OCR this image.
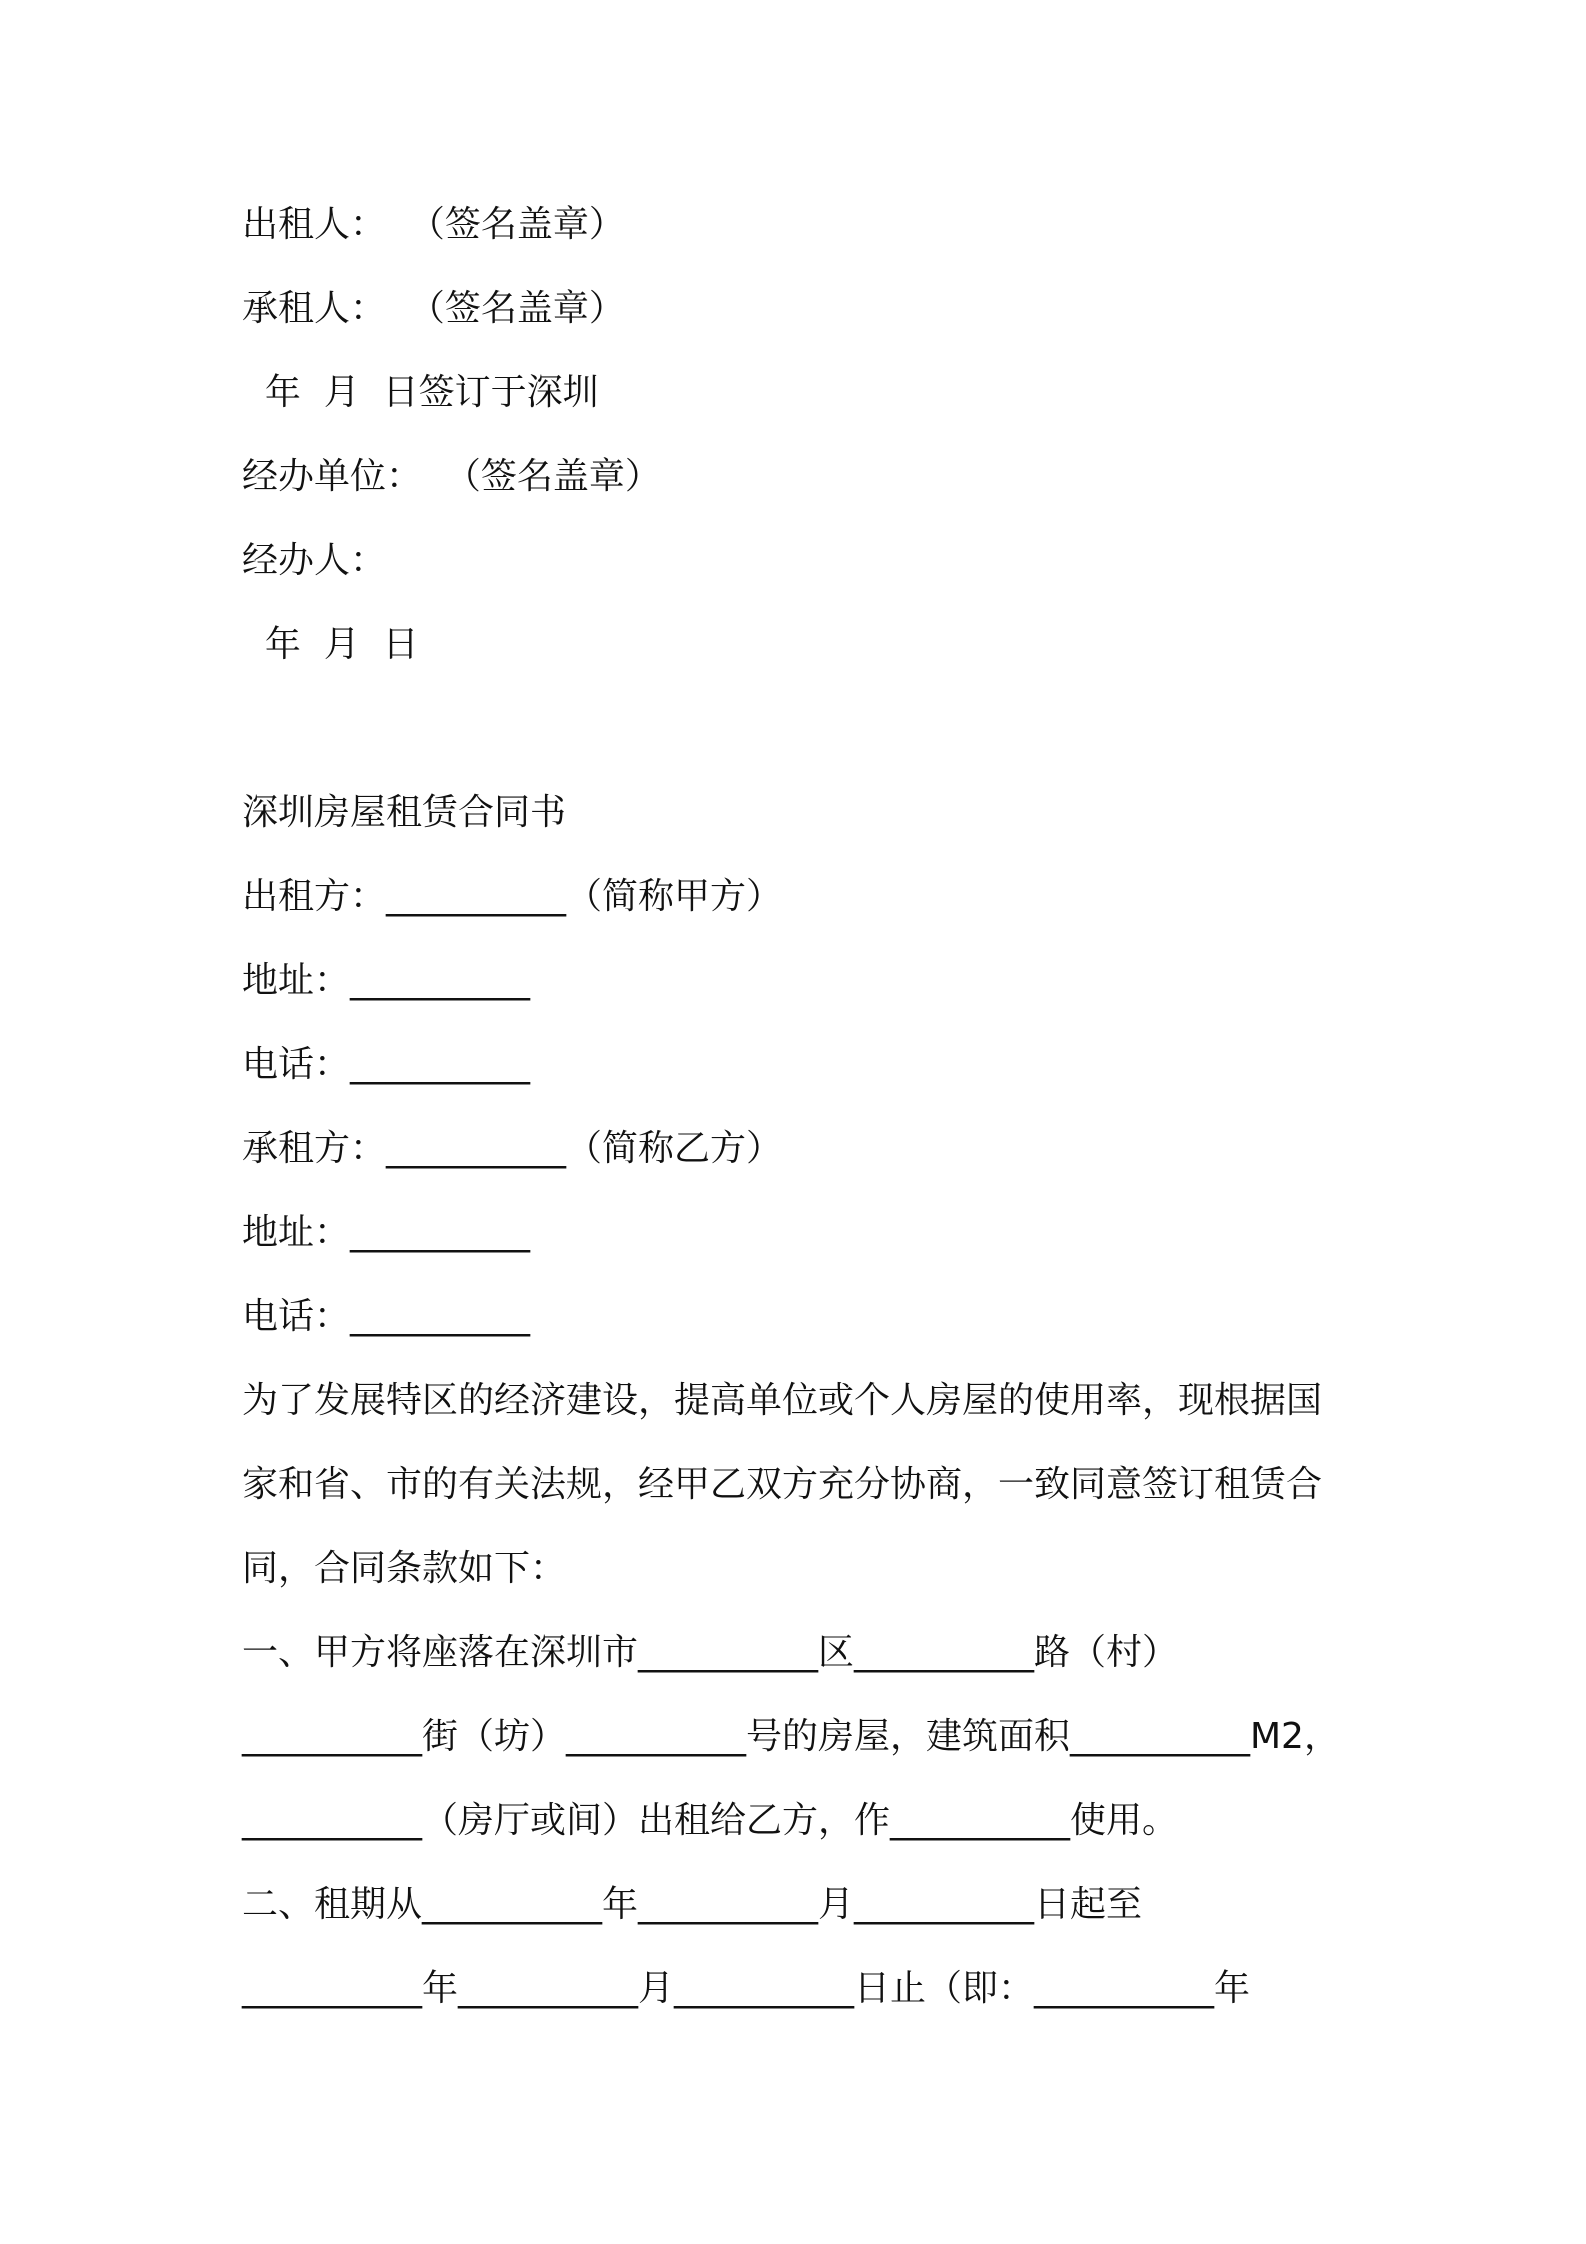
出租人：  （签名盖章）
承租人：  （签名盖章）
年  月  日签订于深圳
经办单位：  （签名盖章）
经办人：
年  月  日
深圳房屋租赁合同书
出租方：__________（简称甲方）
地址：__________
电话：__________
承租方：__________（简称乙方）
地址：__________
电话：__________
为了发展特区的经济建设，提高单位或个人房屋的使用率，现根据国
家和省、市的有关法规，经甲乙双方充分协商，一致同意签订租赁合
同，合同条款如下：
一、甲方将座落在深圳市__________区__________路（村）
__________街（坊）__________号的房屋，建筑面积__________M2，
__________（房厅或间）出租给乙方，作__________使用。
二、租期从__________年__________月__________日起至
__________年__________月__________日止（即：__________年
